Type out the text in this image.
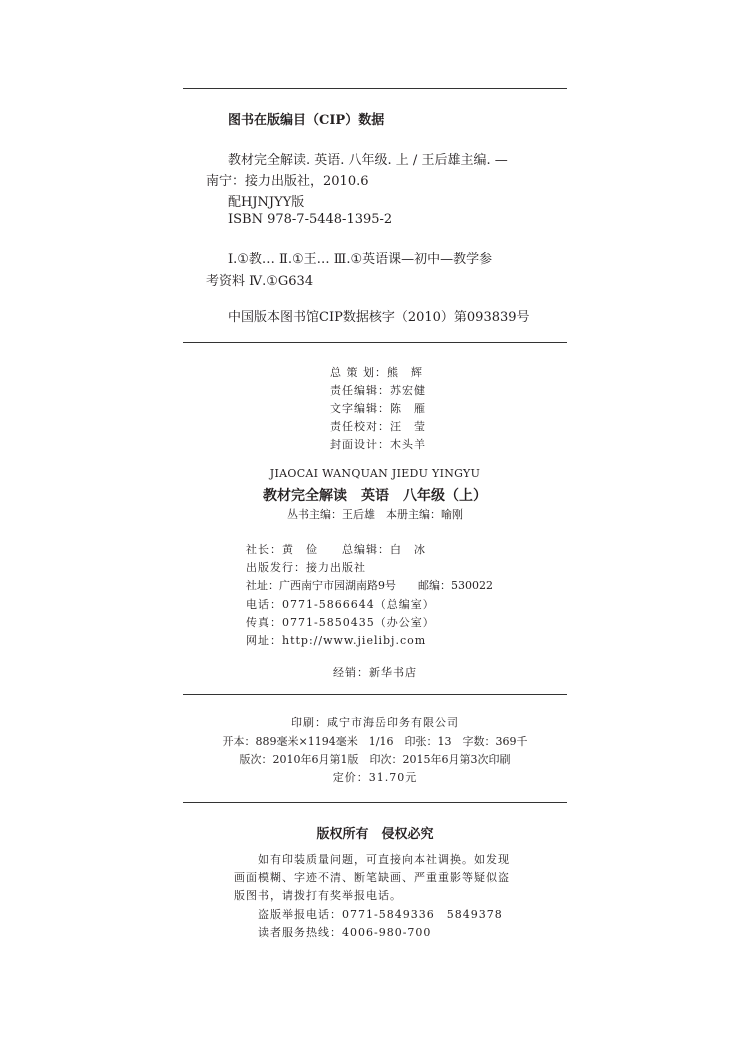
图书在版编目（CIP）数据
教材完全解读. 英语. 八年级. 上 / 王后雄主编. —
南宁：接力出版社，2010.6
配HJNJYY版
ISBN 978-7-5448-1395-2
Ⅰ.①教… Ⅱ.①王… Ⅲ.①英语课—初中—教学参
考资料 Ⅳ.①G634
中国版本图书馆CIP数据核字（2010）第093839号
总 策 划：熊　辉
责任编辑：苏宏健
文字编辑：陈　雁
责任校对：汪　莹
封面设计：木头羊
JIAOCAI WANQUAN JIEDU YINGYU
教材完全解读　英语　八年级（上）
丛书主编：王后雄　本册主编：喻刚
社长：黄　俭　　总编辑：白　冰
出版发行：接力出版社
社址：广西南宁市园湖南路9号　　邮编：530022
电话：0771-5866644（总编室）
传真：0771-5850435（办公室）
网址：http://www.jielibj.com
经销：新华书店
印刷：咸宁市海岳印务有限公司
开本：889毫米×1194毫米　1/16　印张：13　字数：369千
版次：2010年6月第1版　印次：2015年6月第3次印刷
定价：31.70元
版权所有　侵权必究
如有印装质量问题，可直接向本社调换。如发现
画面模糊、字迹不清、断笔缺画、严重重影等疑似盗
版图书，请拨打有奖举报电话。
盗版举报电话：0771-5849336　5849378
读者服务热线：4006-980-700
